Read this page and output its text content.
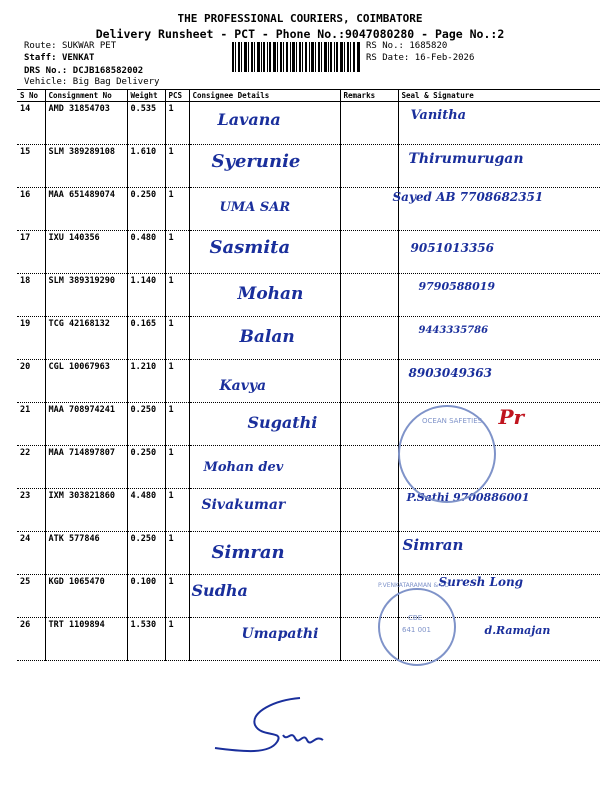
THE PROFESSIONAL COURIERS, COIMBATORE
Delivery Runsheet - PCT - Phone No.:9047080280 - Page No.:2
Route: SUKWAR PET
Staff: VENKAT
DRS No.: DCJB168582002
Vehicle: Big Bag Delivery
RS No.: 1685820
RS Date: 16-Feb-2026
S No	Consignment No	Weight	PCS	Consignee Details	Remarks	Seal & Signature
14	AMD 31854703	0.535	1	Lavana		Vanitha

15	SLM 389289108	1.610	1	Syerunie		Thirumurugan

16	MAA 651489074	0.250	1	UMA SAR		Sayed AB 7708682351

17	IXU 140356	0.480	1	Sasmita		9051013356

18	SLM 389319290	1.140	1	Mohan		9790588019

19	TCG 42168132	0.165	1	Balan		9443335786

20	CGL 10067963	1.210	1	Kavya		8903049363

21	MAA 708974241	0.250	1	Sugathi		Pr

22	MAA 714897807	0.250	1	Mohan dev		

23	IXM 303821860	4.480	1	Sivakumar		P.Sathi 9700886001

24	ATK 577846	0.250	1	Simran		Simran

25	KGD 1065470	0.100	1	Sudha		Suresh Long

26	TRT 1109894	1.530	1	Umapathi		d.Ramajan
OCEAN SAFETIES
P.VENKATARAMAN & CO
CBE
641 001
